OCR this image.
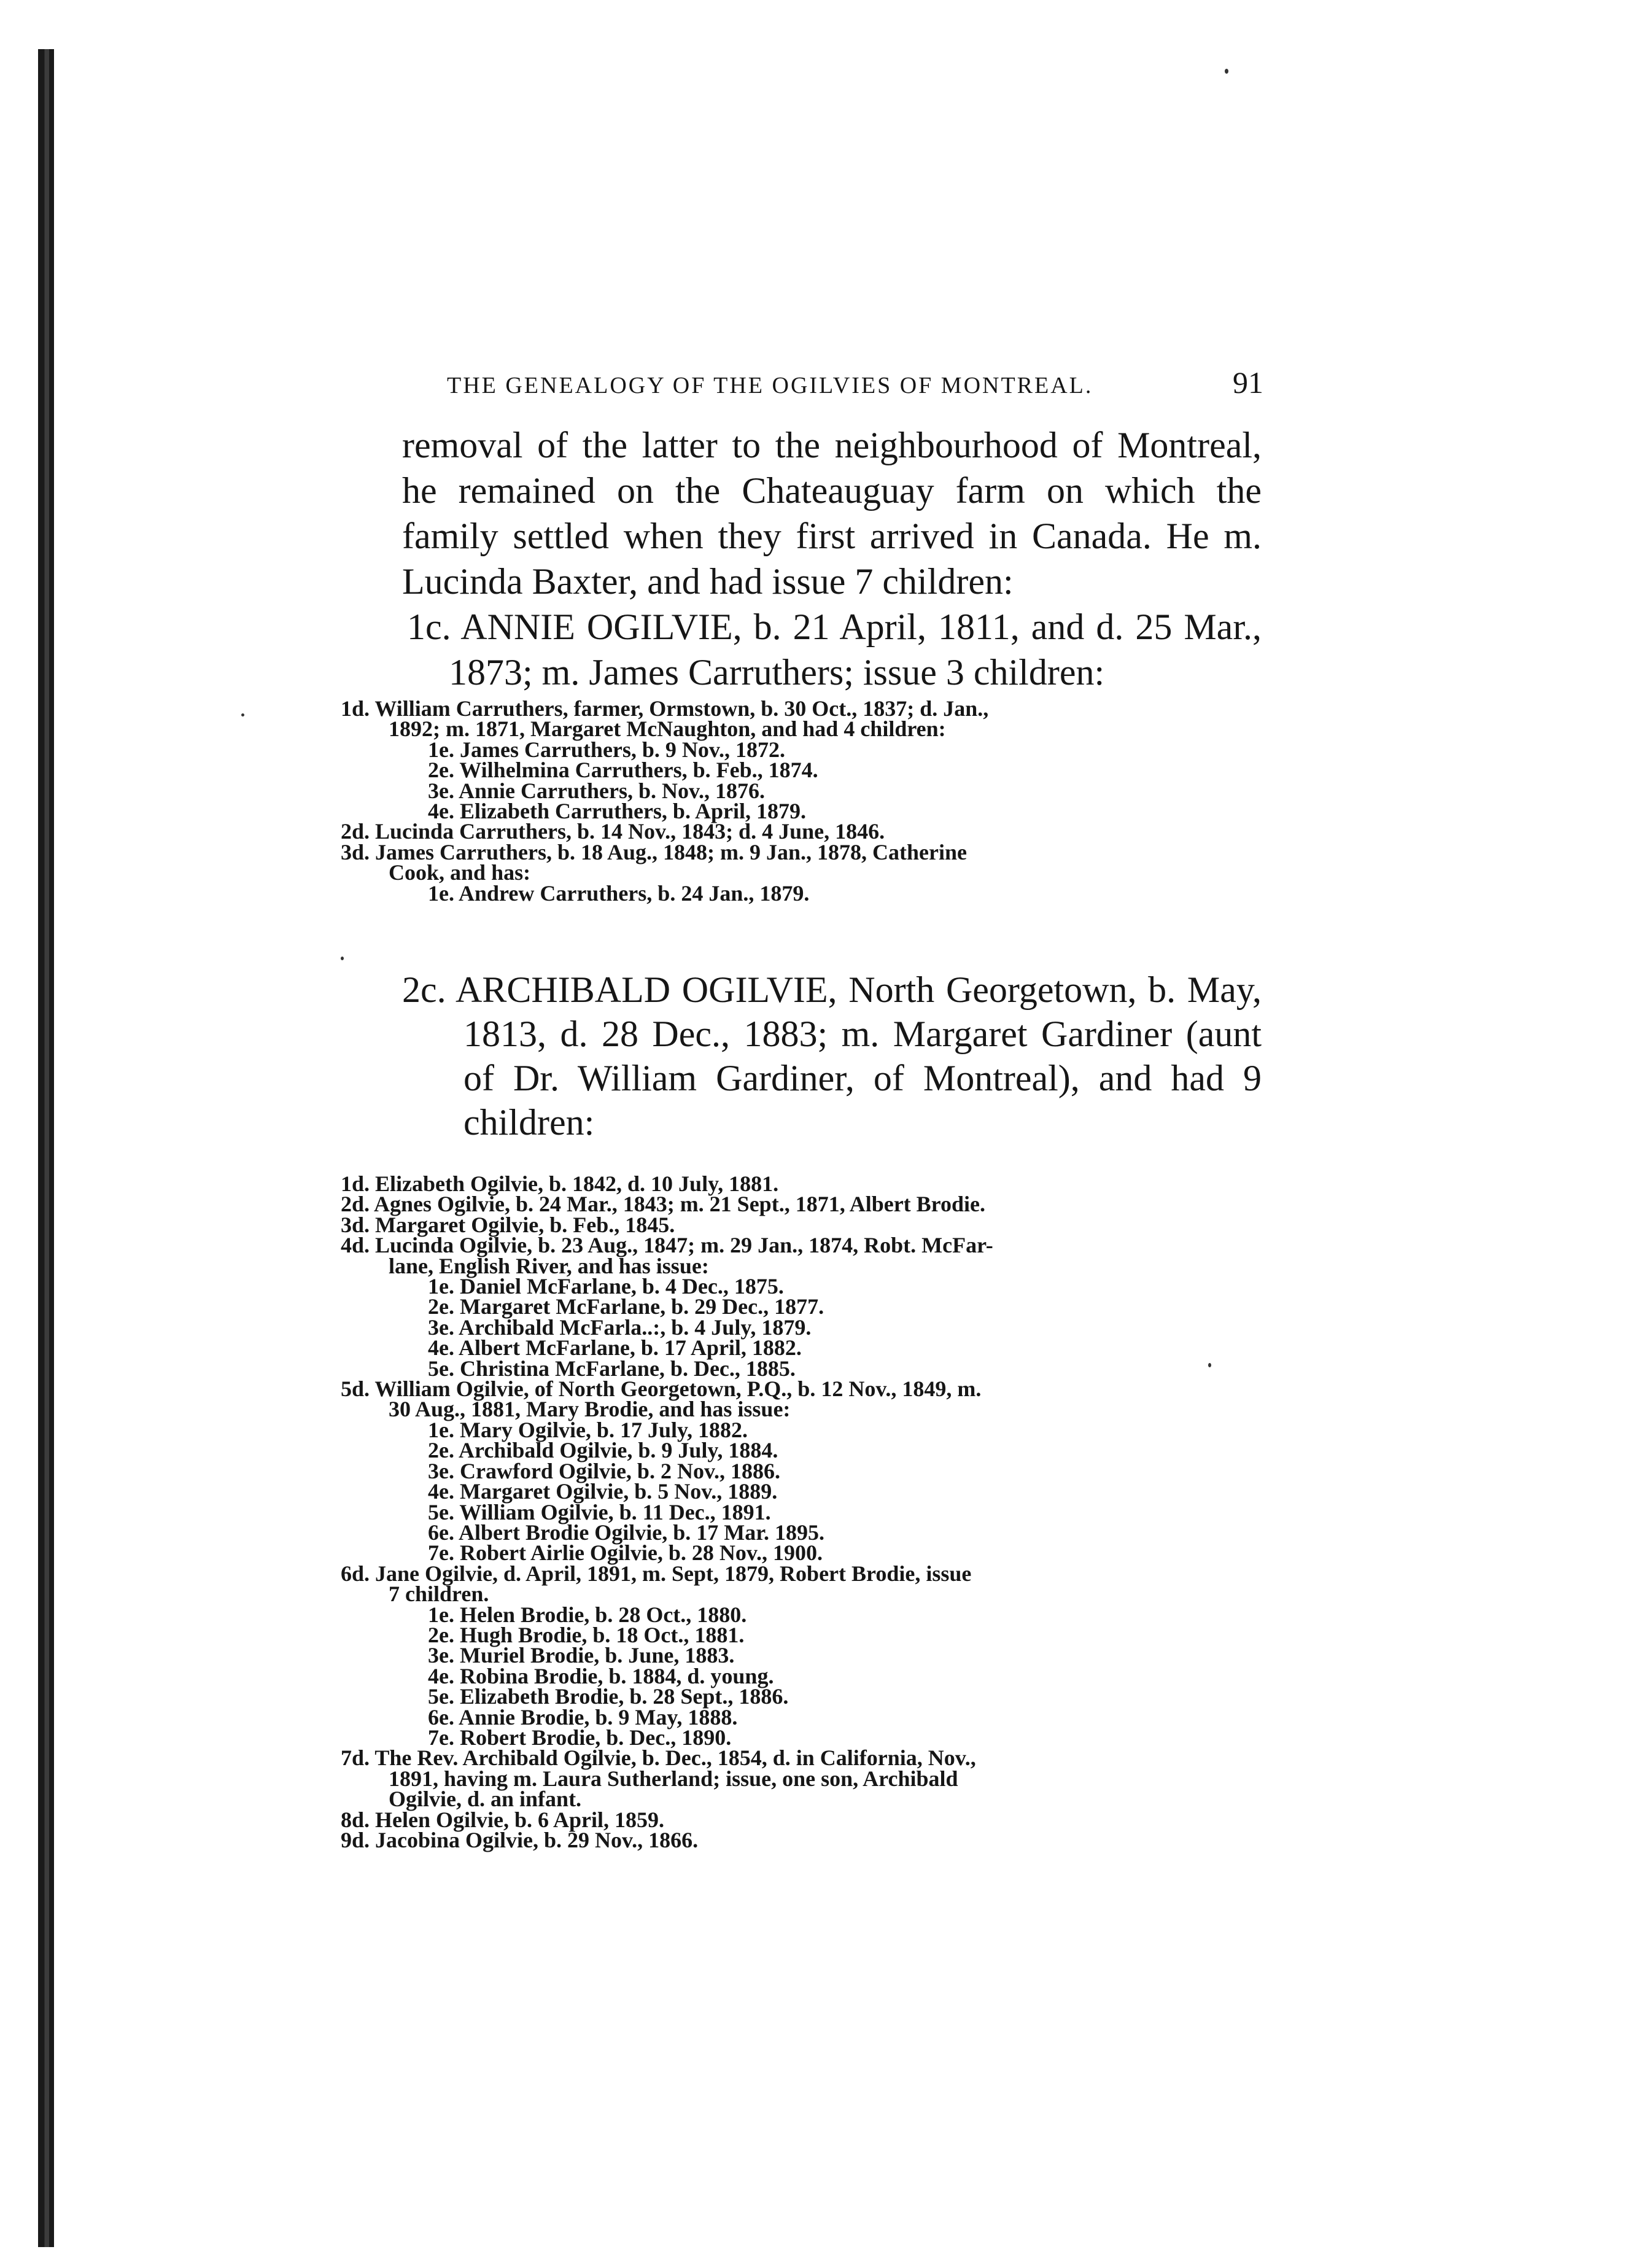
THE GENEALOGY OF THE OGILVIES OF MONTREAL.	91
removal of the latter to the neighbourhood of Montreal,
he remained on the Chateauguay farm on which the
family settled when they first arrived in Canada. He m.
Lucinda Baxter, and had issue 7 children:
1c. ANNIE OGILVIE, b. 21 April, 1811, and d. 25 Mar.,
1873; m. James Carruthers; issue 3 children:
1d. William Carruthers, farmer, Ormstown, b. 30 Oct., 1837; d. Jan.,
1892; m. 1871, Margaret McNaughton, and had 4 children:
1e. James Carruthers, b. 9 Nov., 1872.
2e. Wilhelmina Carruthers, b. Feb., 1874.
3e. Annie Carruthers, b. Nov., 1876.
4e. Elizabeth Carruthers, b. April, 1879.
2d. Lucinda Carruthers, b. 14 Nov., 1843; d. 4 June, 1846.
3d. James Carruthers, b. 18 Aug., 1848; m. 9 Jan., 1878, Catherine
Cook, and has:
1e. Andrew Carruthers, b. 24 Jan., 1879.
2c. ARCHIBALD OGILVIE, North Georgetown, b. May,
1813, d. 28 Dec., 1883; m. Margaret Gardiner (aunt
of Dr. William Gardiner, of Montreal), and had 9
children:
1d. Elizabeth Ogilvie, b. 1842, d. 10 July, 1881.
2d. Agnes Ogilvie, b. 24 Mar., 1843; m. 21 Sept., 1871, Albert Brodie.
3d. Margaret Ogilvie, b. Feb., 1845.
4d. Lucinda Ogilvie, b. 23 Aug., 1847; m. 29 Jan., 1874, Robt. McFar-
lane, English River, and has issue:
1e. Daniel McFarlane, b. 4 Dec., 1875.
2e. Margaret McFarlane, b. 29 Dec., 1877.
3e. Archibald McFarla..:, b. 4 July, 1879.
4e. Albert McFarlane, b. 17 April, 1882.
5e. Christina McFarlane, b. Dec., 1885.
5d. William Ogilvie, of North Georgetown, P.Q., b. 12 Nov., 1849, m.
30 Aug., 1881, Mary Brodie, and has issue:
1e. Mary Ogilvie, b. 17 July, 1882.
2e. Archibald Ogilvie, b. 9 July, 1884.
3e. Crawford Ogilvie, b. 2 Nov., 1886.
4e. Margaret Ogilvie, b. 5 Nov., 1889.
5e. William Ogilvie, b. 11 Dec., 1891.
6e. Albert Brodie Ogilvie, b. 17 Mar. 1895.
7e. Robert Airlie Ogilvie, b. 28 Nov., 1900.
6d. Jane Ogilvie, d. April, 1891, m. Sept, 1879, Robert Brodie, issue
7 children.
1e. Helen Brodie, b. 28 Oct., 1880.
2e. Hugh Brodie, b. 18 Oct., 1881.
3e. Muriel Brodie, b. June, 1883.
4e. Robina Brodie, b. 1884, d. young.
5e. Elizabeth Brodie, b. 28 Sept., 1886.
6e. Annie Brodie, b. 9 May, 1888.
7e. Robert Brodie, b. Dec., 1890.
7d. The Rev. Archibald Ogilvie, b. Dec., 1854, d. in California, Nov.,
1891, having m. Laura Sutherland; issue, one son, Archibald
Ogilvie, d. an infant.
8d. Helen Ogilvie, b. 6 April, 1859.
9d. Jacobina Ogilvie, b. 29 Nov., 1866.
